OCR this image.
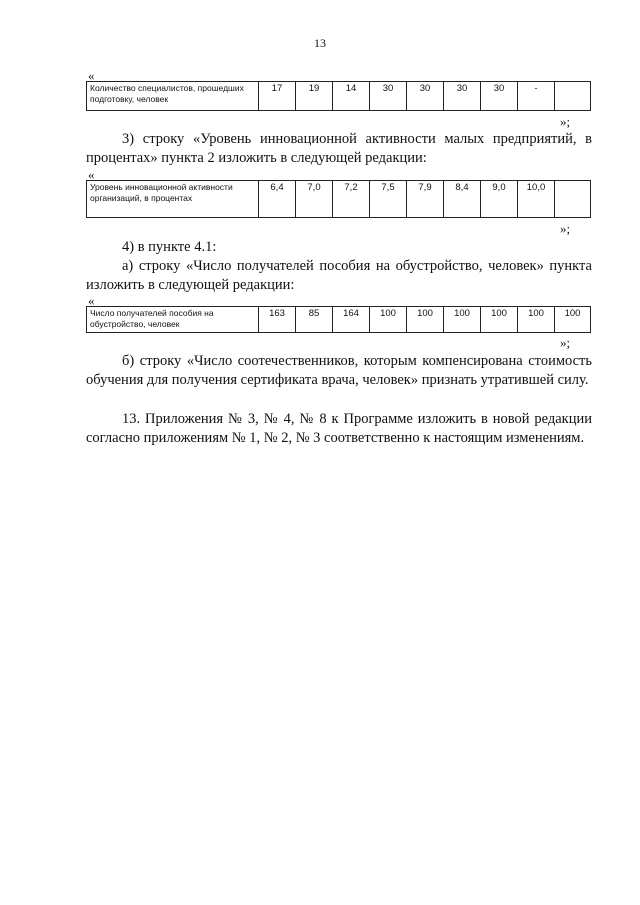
13
«
Количество специалистов, прошедших подготовку, человек	17	19	14	30	30	30	30	-	
»;
3) строку «Уровень инновационной активности малых предприятий, в процентах» пункта 2 изложить в следующей редакции:
«
Уровень инновационной активности организаций, в процентах	6,4	7,0	7,2	7,5	7,9	8,4	9,0	10,0	
»;
4) в пункте 4.1:
а) строку «Число получателей пособия на обустройство, человек» пункта изложить в следующей редакции:
«
Число получателей пособия на обустройство, человек	163	85	164	100	100	100	100	100	100
»;
б) строку «Число соотечественников, которым компенсирована стоимость обучения для получения сертификата врача, человек» признать утратившей силу.
13. Приложения № 3, № 4, № 8 к Программе изложить в новой редакции согласно приложениям № 1, № 2, № 3 соответственно к настоящим изменениям.
